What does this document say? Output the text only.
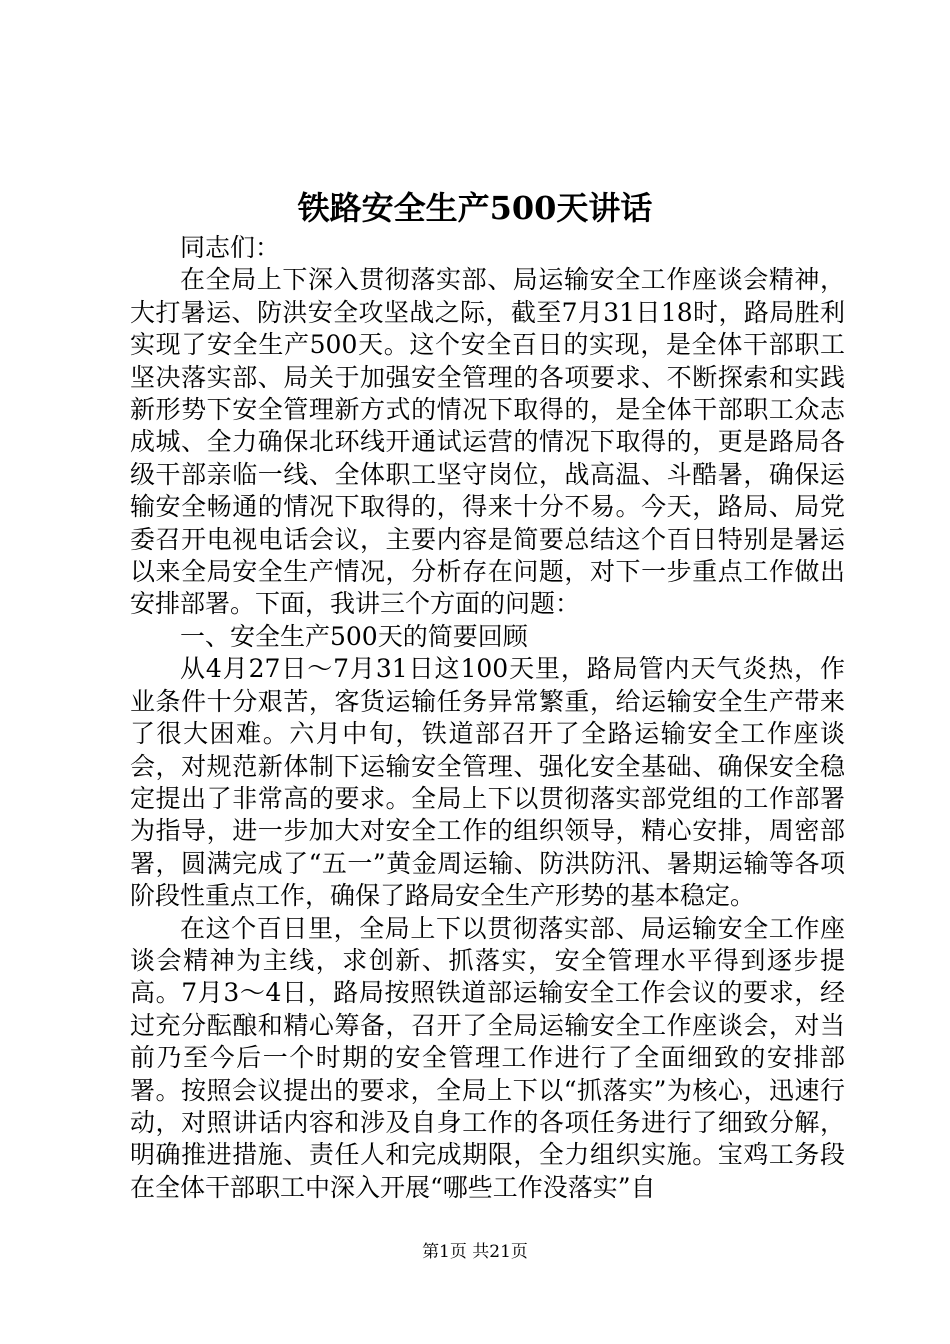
铁路安全生产500天讲话

同志们：

在全局上下深入贯彻落实部、局运输安全工作座谈会精神，大打暑运、防洪安全攻坚战之际，截至7月31日18时，路局胜利实现了安全生产500天。这个安全百日的实现，是全体干部职工坚决落实部、局关于加强安全管理的各项要求、不断探索和实践新形势下安全管理新方式的情况下取得的，是全体干部职工众志成城、全力确保北环线开通试运营的情况下取得的，更是路局各级干部亲临一线、全体职工坚守岗位，战高温、斗酷暑，确保运输安全畅通的情况下取得的，得来十分不易。今天，路局、局党委召开电视电话会议，主要内容是简要总结这个百日特别是暑运以来全局安全生产情况，分析存在问题，对下一步重点工作做出安排部署。下面，我讲三个方面的问题：

一、安全生产500天的简要回顾

从4月27日～7月31日这100天里，路局管内天气炎热，作业条件十分艰苦，客货运输任务异常繁重，给运输安全生产带来了很大困难。六月中旬，铁道部召开了全路运输安全工作座谈会，对规范新体制下运输安全管理、强化安全基础、确保安全稳定提出了非常高的要求。全局上下以贯彻落实部党组的工作部署为指导，进一步加大对安全工作的组织领导，精心安排，周密部署，圆满完成了“五一”黄金周运输、防洪防汛、暑期运输等各项阶段性重点工作，确保了路局安全生产形势的基本稳定。

在这个百日里，全局上下以贯彻落实部、局运输安全工作座谈会精神为主线，求创新、抓落实，安全管理水平得到逐步提高。7月3～4日，路局按照铁道部运输安全工作会议的要求，经过充分酝酿和精心筹备，召开了全局运输安全工作座谈会，对当前乃至今后一个时期的安全管理工作进行了全面细致的安排部署。按照会议提出的要求，全局上下以“抓落实”为核心，迅速行动，对照讲话内容和涉及自身工作的各项任务进行了细致分解，明确推进措施、责任人和完成期限，全力组织实施。宝鸡工务段在全体干部职工中深入开展“哪些工作没落实”自

第1页 共21页
